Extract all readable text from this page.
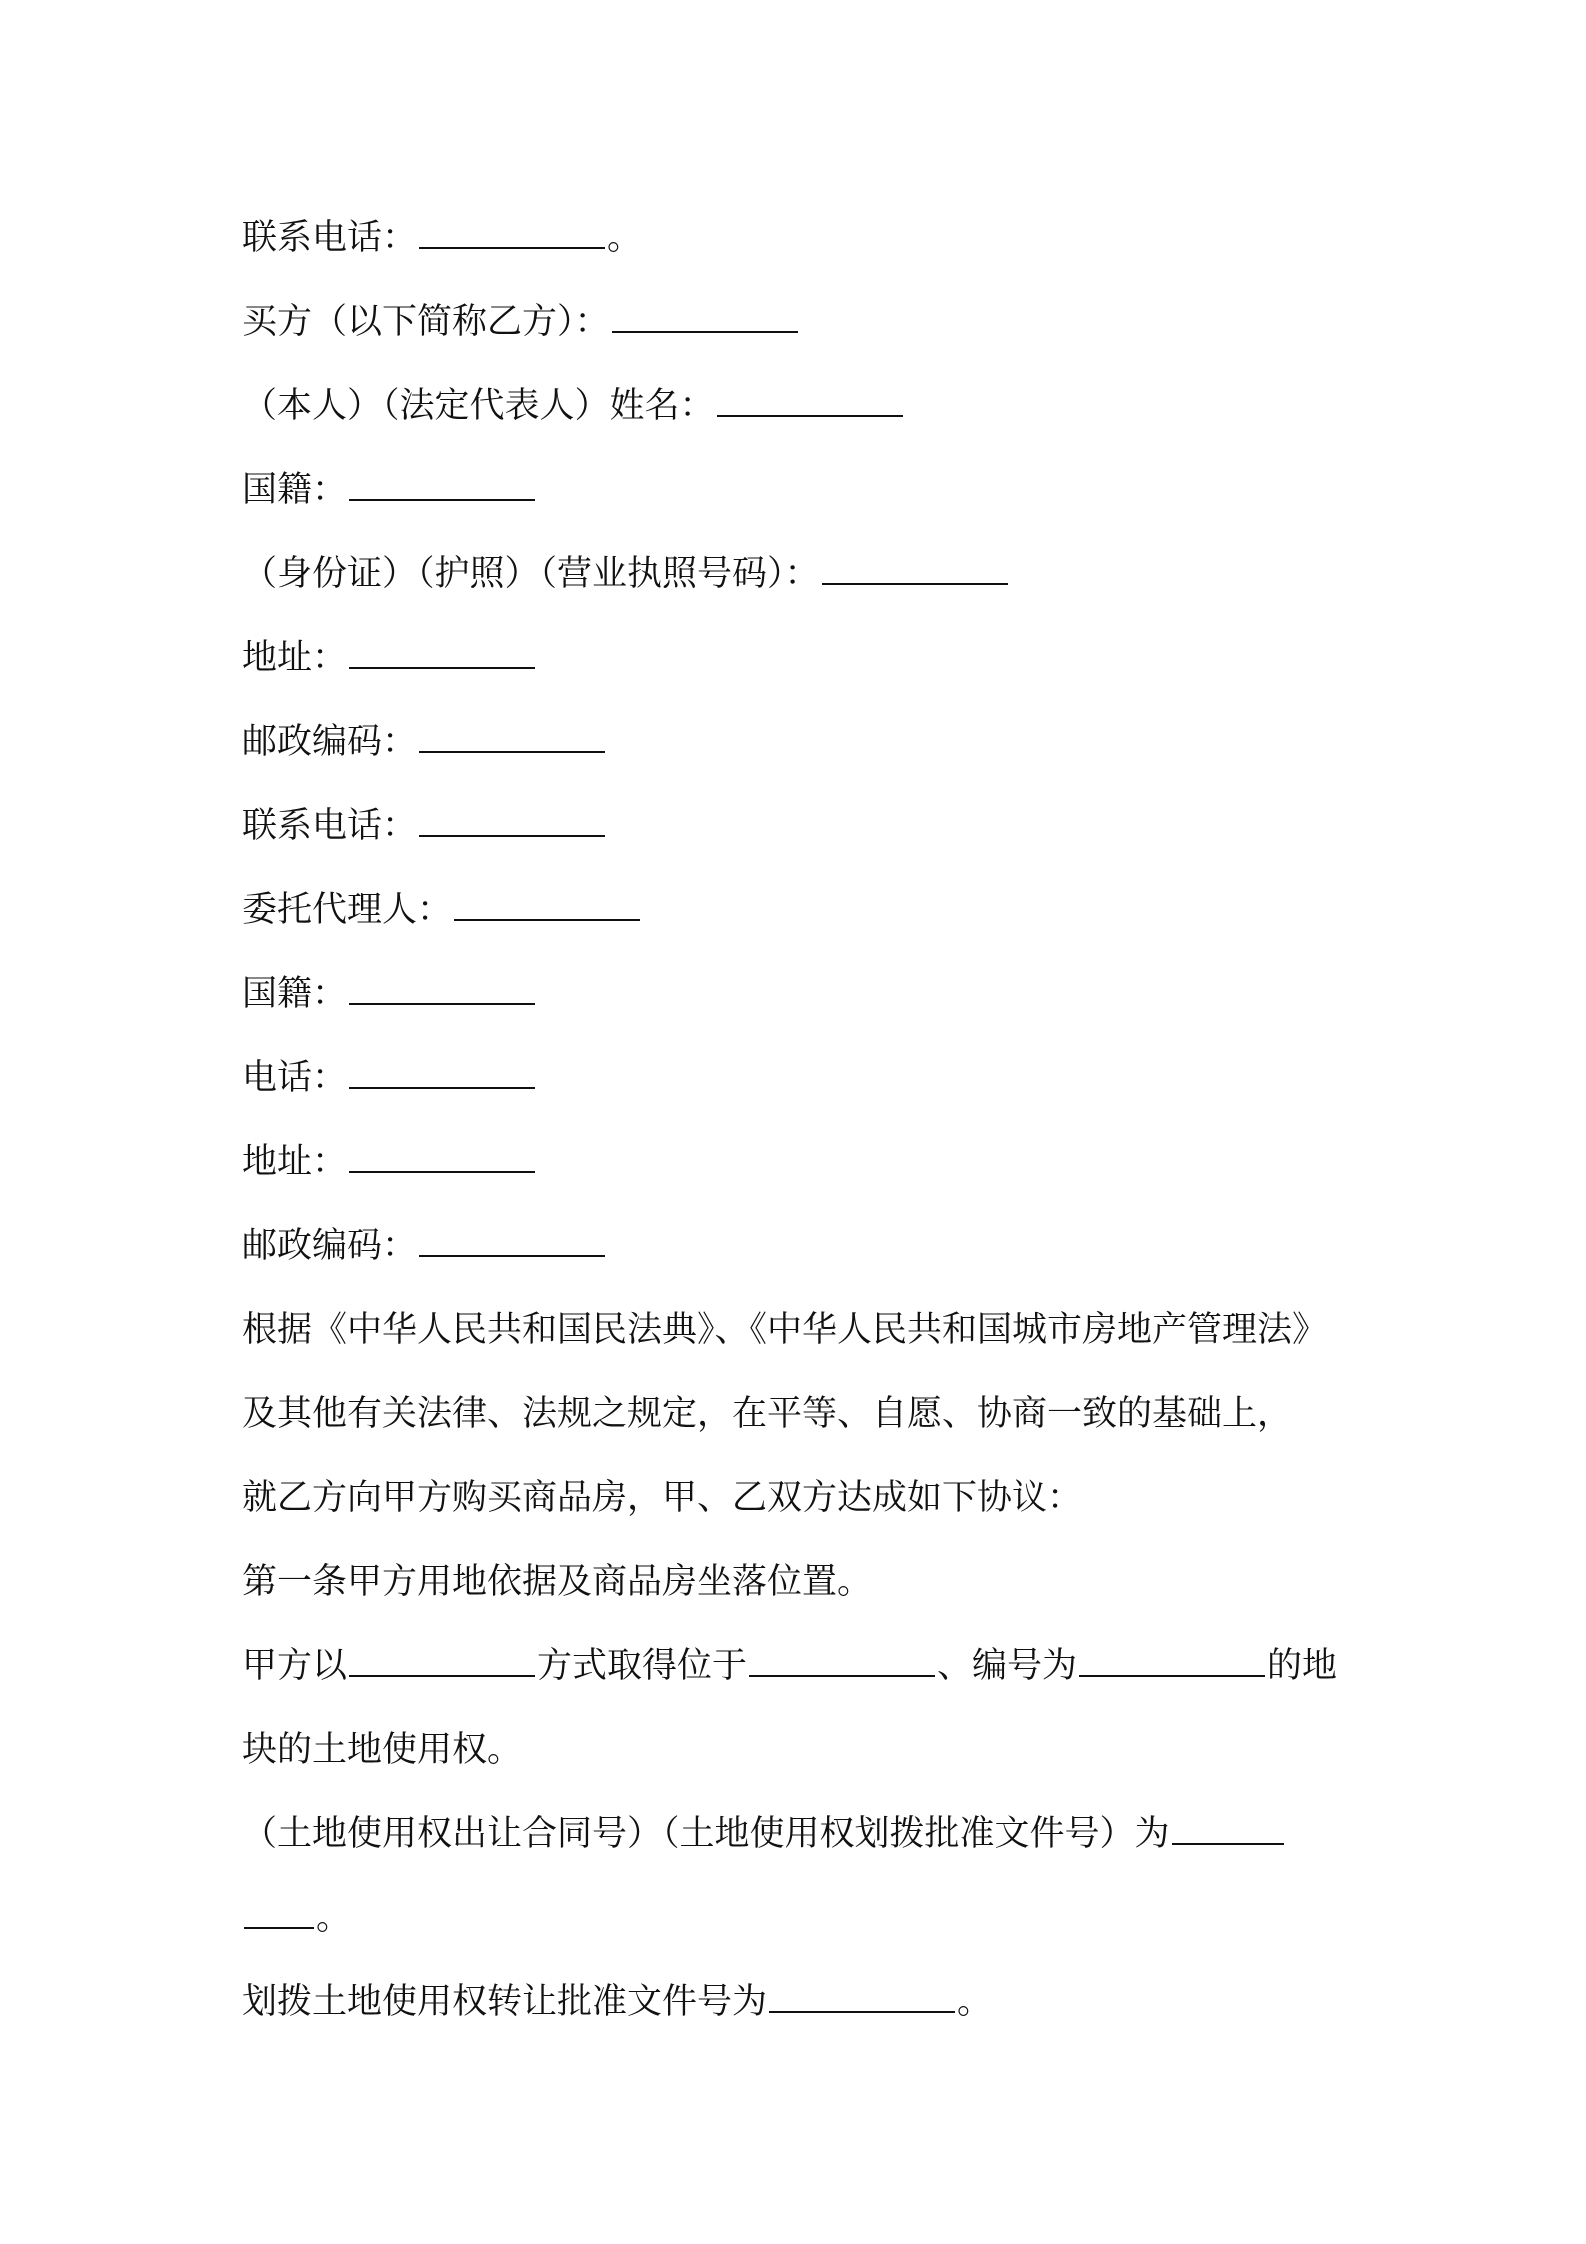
联系电话：	。
买方（以下简称乙方）：
（本人）（法定代表人）姓名：
国籍：
（身份证）（护照）（营业执照号码）：
地址：
邮政编码：
联系电话：
委托代理人：
国籍：
电话：
地址：
邮政编码：
根据《中华人民共和国民法典》、《中华人民共和国城市房地产管理法》
及其他有关法律、法规之规定，在平等、自愿、协商一致的基础上，
就乙方向甲方购买商品房，甲、乙双方达成如下协议：
第一条甲方用地依据及商品房坐落位置。
甲方以	方式取得位于	、编号为	的地
块的土地使用权。
（土地使用权出让合同号）（土地使用权划拨批准文件号）为
。
划拨土地使用权转让批准文件号为	。
